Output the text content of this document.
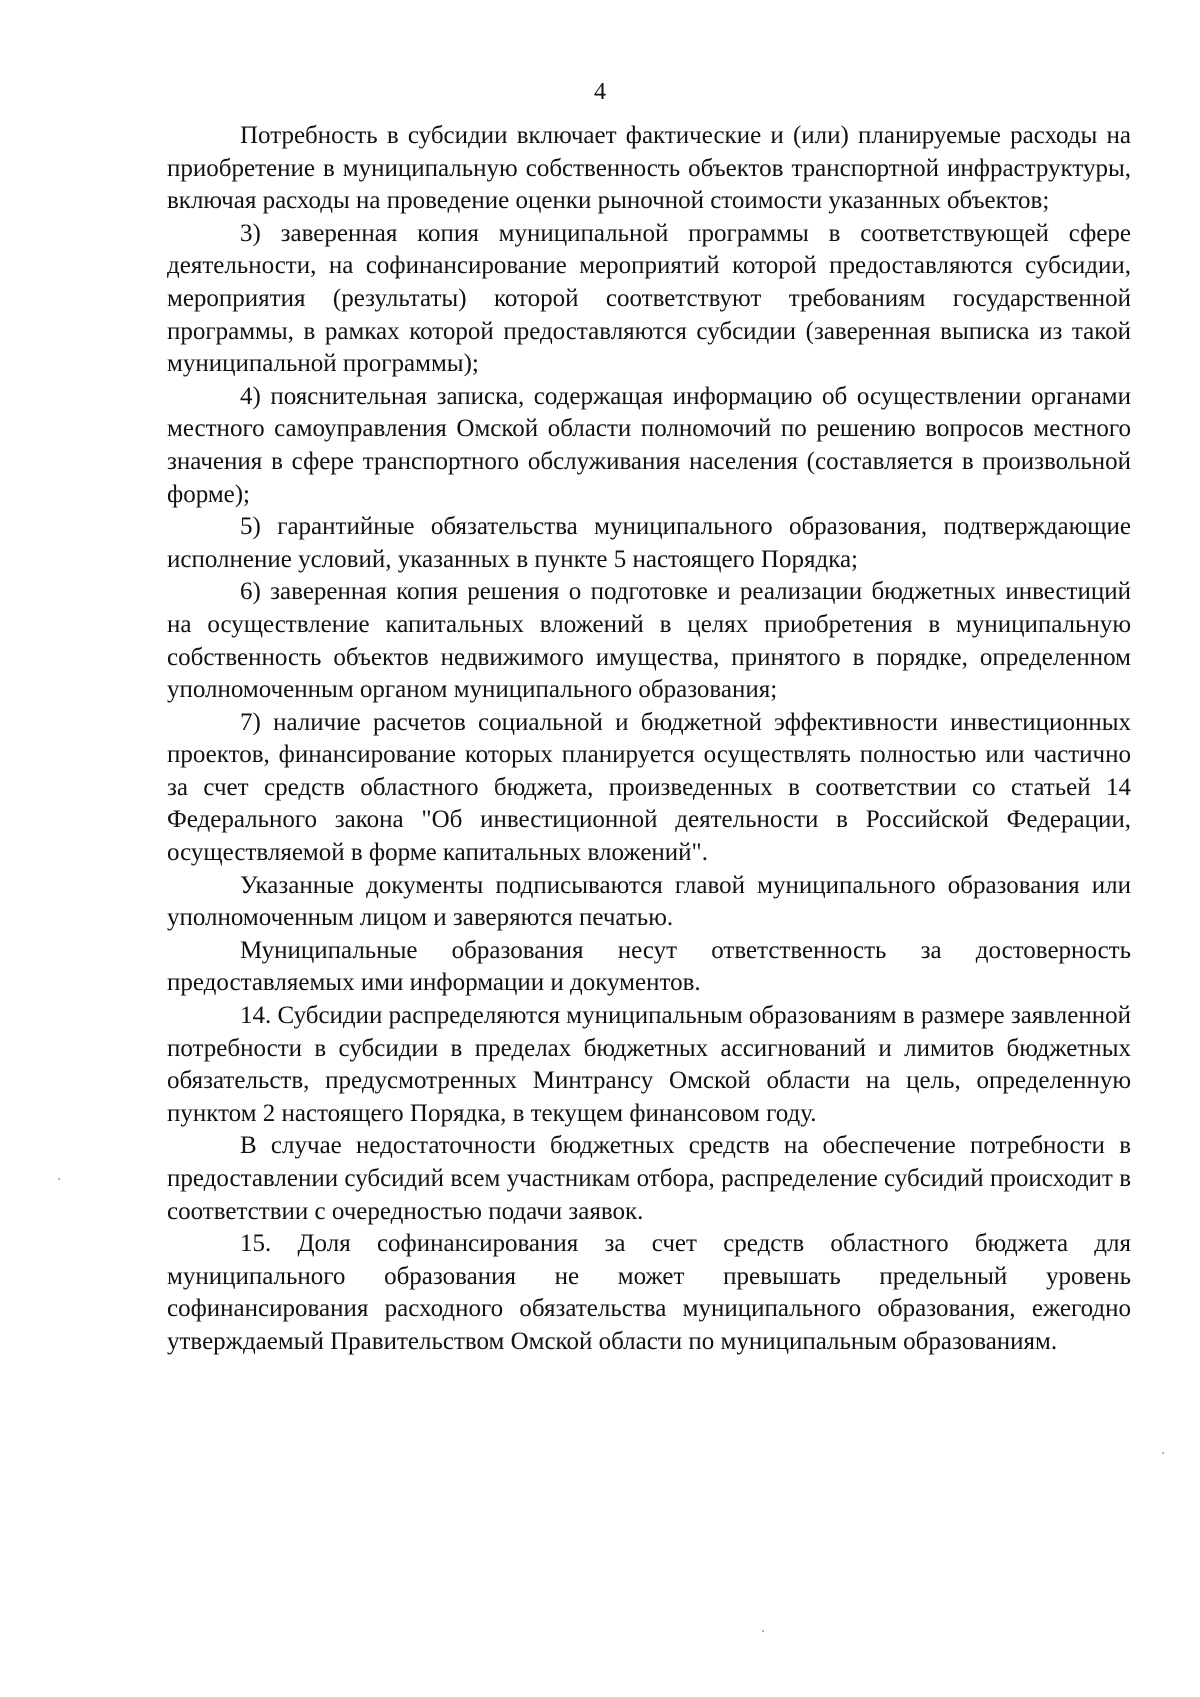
4

Потребность в субсидии включает фактические и (или) планируемые расходы на приобретение в муниципальную собственность объектов транспортной инфраструктуры, включая расходы на проведение оценки рыночной стоимости указанных объектов;

3) заверенная копия муниципальной программы в соответствующей сфере деятельности, на софинансирование мероприятий которой предоставляются субсидии, мероприятия (результаты) которой соответствуют требованиям государственной программы, в рамках которой предоставляются субсидии (заверенная выписка из такой муниципальной программы);

4) пояснительная записка, содержащая информацию об осуществлении органами местного самоуправления Омской области полномочий по решению вопросов местного значения в сфере транспортного обслуживания населения (составляется в произвольной форме);

5) гарантийные обязательства муниципального образования, подтверждающие исполнение условий, указанных в пункте 5 настоящего Порядка;

6) заверенная копия решения о подготовке и реализации бюджетных инвестиций на осуществление капитальных вложений в целях приобретения в муниципальную собственность объектов недвижимого имущества, принятого в порядке, определенном уполномоченным органом муниципального образования;

7) наличие расчетов социальной и бюджетной эффективности инвестиционных проектов, финансирование которых планируется осуществлять полностью или частично за счет средств областного бюджета, произведенных в соответствии со статьей 14 Федерального закона "Об инвестиционной деятельности в Российской Федерации, осуществляемой в форме капитальных вложений".

Указанные документы подписываются главой муниципального образования или уполномоченным лицом и заверяются печатью.

Муниципальные образования несут ответственность за достоверность предоставляемых ими информации и документов.

14. Субсидии распределяются муниципальным образованиям в размере заявленной потребности в субсидии в пределах бюджетных ассигнований и лимитов бюджетных обязательств, предусмотренных Минтрансу Омской области на цель, определенную пунктом 2 настоящего Порядка, в текущем финансовом году.

В случае недостаточности бюджетных средств на обеспечение потребности в предоставлении субсидий всем участникам отбора, распределение субсидий происходит в соответствии с очередностью подачи заявок.

15. Доля софинансирования за счет средств областного бюджета для муниципального образования не может превышать предельный уровень софинансирования расходного обязательства муниципального образования, ежегодно утверждаемый Правительством Омской области по муниципальным образованиям.
